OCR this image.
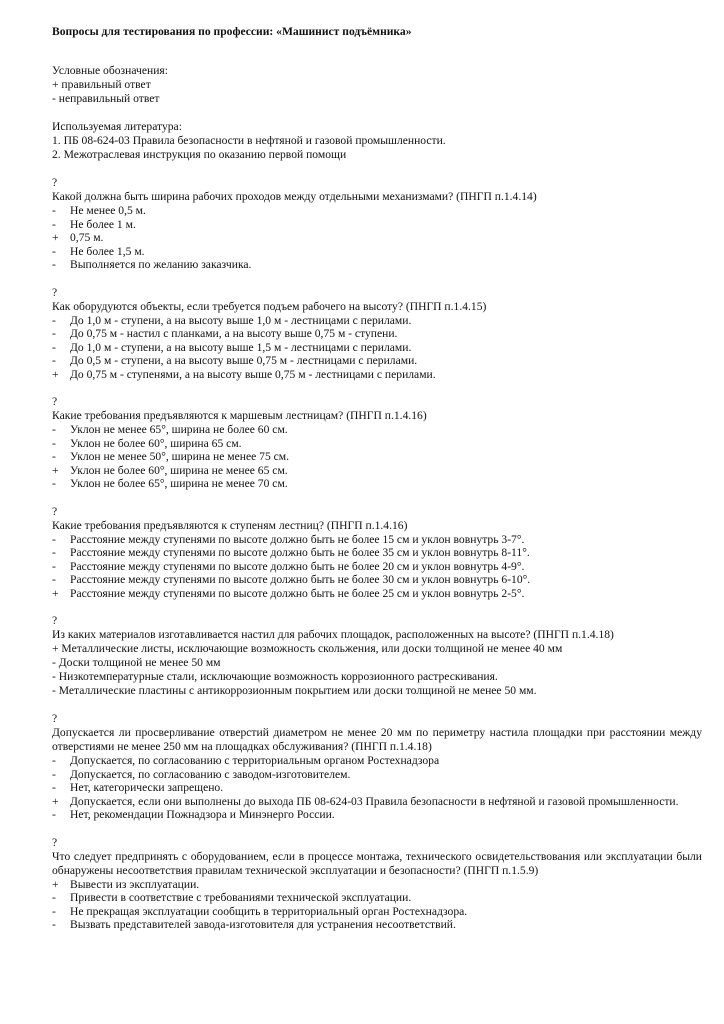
Вопросы для тестирования по профессии: «Машинист подъёмника»
Условные обозначения:
+ правильный ответ
- неправильный ответ
Используемая литература:
1. ПБ 08-624-03 Правила безопасности в нефтяной и газовой промышленности.
2. Межотраслевая инструкция по оказанию первой помощи
?
Какой должна быть ширина рабочих проходов между отдельными механизмами? (ПНГП п.1.4.14)
-	Не менее 0,5 м.
-	Не более 1 м.
+ 0,75 м.
-	Не более 1,5 м.
-	Выполняется по желанию заказчика.
?
Как оборудуются объекты, если требуется подъем рабочего на высоту? (ПНГП п.1.4.15)
-	До 1,0 м - ступени, а на высоту выше 1,0 м - лестницами с перилами.
-	До 0,75 м - настил с планками, а на высоту выше 0,75 м - ступени.
-	До 1,0 м - ступени, а на высоту выше 1,5 м - лестницами с перилами.
-	До 0,5 м - ступени, а на высоту выше 0,75 м - лестницами с перилами.
+ До 0,75 м - ступенями, а на высоту выше 0,75 м - лестницами с перилами.
?
Какие требования предъявляются к маршевым лестницам? (ПНГП п.1.4.16)
-	Уклон не менее 65°, ширина не более 60 см.
-	Уклон не более 60°, ширина 65 см.
-	Уклон не менее 50°, ширина не менее 75 см.
+ Уклон не более 60°, ширина не менее 65 см.
-	Уклон не более 65°, ширина не менее 70 см.
?
Какие требования предъявляются к ступеням лестниц? (ПНГП п.1.4.16)
-	Расстояние между ступенями по высоте должно быть не более 15 см и уклон вовнутрь 3-7°.
-	Расстояние между ступенями по высоте должно быть не более 35 см и уклон вовнутрь 8-11°.
-	Расстояние между ступенями по высоте должно быть не более 20 см и уклон вовнутрь 4-9°.
-	Расстояние между ступенями по высоте должно быть не более 30 см и уклон вовнутрь 6-10°.
+ Расстояние между ступенями по высоте должно быть не более 25 см и уклон вовнутрь 2-5°.
?
Из каких материалов изготавливается настил для рабочих площадок, расположенных на высоте? (ПНГП п.1.4.18)
+ Металлические листы, исключающие возможность скольжения, или доски толщиной не менее 40 мм
- Доски толщиной не менее 50 мм
- Низкотемпературные стали, исключающие возможность коррозионного растрескивания.
- Металлические пластины с антикоррозионным покрытием или доски толщиной не менее 50 мм.
?
Допускается ли просверливание отверстий диаметром не менее 20 мм по периметру настила площадки при расстоянии между отверстиями не менее 250 мм на площадках обслуживания? (ПНГП п.1.4.18)
-	Допускается, по согласованию с территориальным органом Ростехнадзора
-	Допускается, по согласованию с заводом-изготовителем.
-	Нет, категорически запрещено.
+ Допускается, если они выполнены до выхода ПБ 08-624-03 Правила безопасности в нефтяной и газовой промышленности.
-	Нет, рекомендации Пожнадзора и Минэнерго России.
?
Что следует предпринять с оборудованием, если в процессе монтажа, технического освидетельствования или эксплуатации были обнаружены несоответствия правилам технической эксплуатации и безопасности? (ПНГП п.1.5.9)
+ Вывести из эксплуатации.
-	Привести в соответствие с требованиями технической эксплуатации.
-	Не прекращая эксплуатации сообщить в территориальный орган Ростехнадзора.
-	Вызвать представителей завода-изготовителя для устранения несоответствий.
